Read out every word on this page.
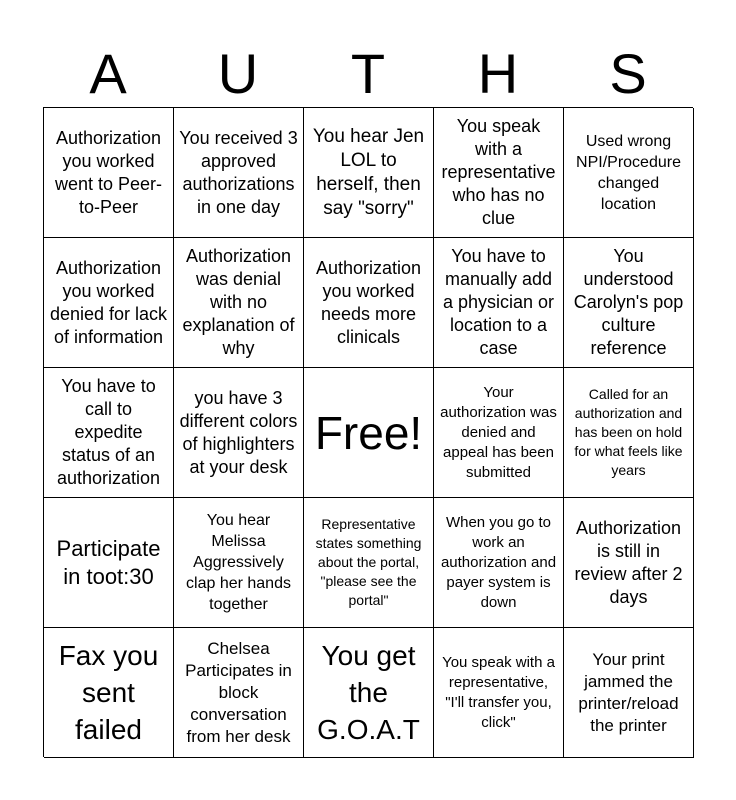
A	U	T	H	S
Authorization you worked went to Peer-to-Peer
You received 3 approved authorizations in one day
You hear Jen LOL to herself, then say "sorry"
You speak with a representative who has no clue
Used wrong NPI/Procedure changed location
Authorization you worked denied for lack of information
Authorization was denial with no explanation of why
Authorization you worked needs more clinicals
You have to manually add a physician or location to a case
You understood Carolyn's pop culture reference
You have to call to expedite status of an authorization
you have 3 different colors of highlighters at your desk
Free!
Your authorization was denied and appeal has been submitted
Called for an authorization and has been on hold for what feels like years
Participate in toot:30
You hear Melissa Aggressively clap her hands together
Representative states something about the portal, "please see the portal"
When you go to work an authorization and payer system is down
Authorization is still in review after 2 days
Fax you sent failed
Chelsea Participates in block conversation from her desk
You get the G.O.A.T
You speak with a representative, "I'll transfer you, click"
Your print jammed the printer/reload the printer
